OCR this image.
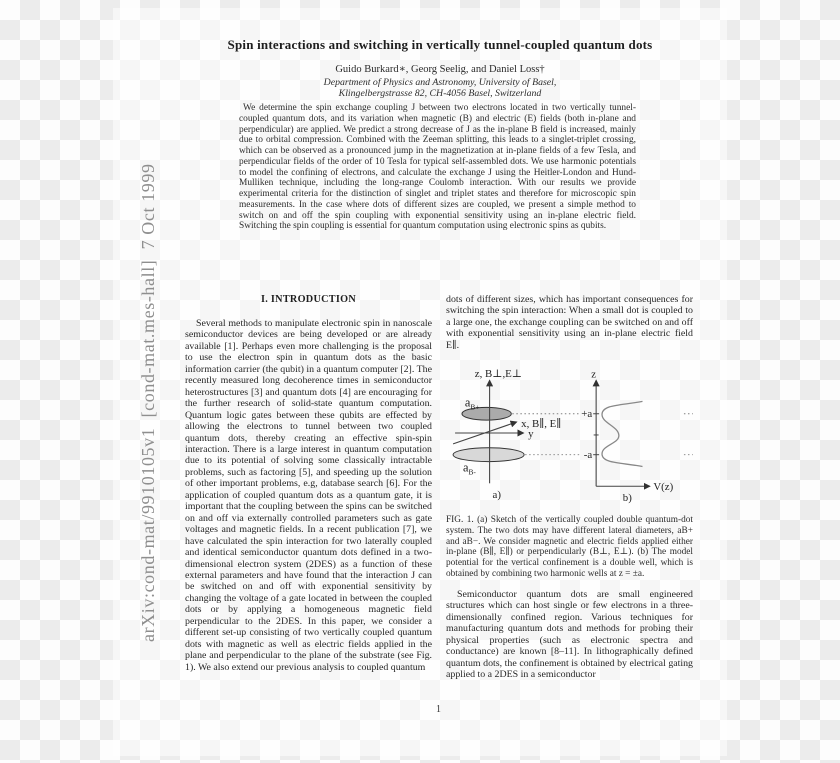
arXiv:cond-mat/9910105v1  [cond-mat.mes-hall]  7 Oct 1999
Spin interactions and switching in vertically tunnel-coupled quantum dots
Guido Burkard∗, Georg Seelig, and Daniel Loss†
Department of Physics and Astronomy, University of Basel,
Klingelbergstrasse 82, CH-4056 Basel, Switzerland
We determine the spin exchange coupling J between two electrons located in two vertically tunnel-coupled quantum dots, and its variation when magnetic (B) and electric (E) fields (both in-plane and perpendicular) are applied. We predict a strong decrease of J as the in-plane B field is increased, mainly due to orbital compression. Combined with the Zeeman splitting, this leads to a singlet-triplet crossing, which can be observed as a pronounced jump in the magnetization at in-plane fields of a few Tesla, and perpendicular fields of the order of 10 Tesla for typical self-assembled dots. We use harmonic potentials to model the confining of electrons, and calculate the exchange J using the Heitler-London and Hund-Mulliken technique, including the long-range Coulomb interaction. With our results we provide experimental criteria for the distinction of singlet and triplet states and therefore for microscopic spin measurements. In the case where dots of different sizes are coupled, we present a simple method to switch on and off the spin coupling with exponential sensitivity using an in-plane electric field. Switching the spin coupling is essential for quantum computation using electronic spins as qubits.
I. INTRODUCTION

Several methods to manipulate electronic spin in nanoscale semiconductor devices are being developed or are already available [1]. Perhaps even more challenging is the proposal to use the electron spin in quantum dots as the basic information carrier (the qubit) in a quantum computer [2]. The recently measured long decoherence times in semiconductor heterostructures [3] and quantum dots [4] are encouraging for the further research of solid-state quantum computation. Quantum logic gates between these qubits are effected by allowing the electrons to tunnel between two coupled quantum dots, thereby creating an effective spin-spin interaction. There is a large interest in quantum computation due to its potential of solving some classically intractable problems, such as factoring [5], and speeding up the solution of other important problems, e.g, database search [6]. For the application of coupled quantum dots as a quantum gate, it is important that the coupling between the spins can be switched on and off via externally controlled parameters such as gate voltages and magnetic fields. In a recent publication [7], we have calculated the spin interaction for two laterally coupled and identical semiconductor quantum dots defined in a two-dimensional electron system (2DES) as a function of these external parameters and have found that the interaction J can be switched on and off with exponential sensitivity by changing the voltage of a gate located in between the coupled dots or by applying a homogeneous magnetic field perpendicular to the 2DES. In this paper, we consider a different set-up consisting of two vertically coupled quantum dots with magnetic as well as electric fields applied in the plane and perpendicular to the plane of the substrate (see Fig. 1). We also extend our previous analysis to coupled quantum

dots of different sizes, which has important consequences for switching the spin interaction: When a small dot is coupled to a large one, the exchange coupling can be switched on and off with exponential sensitivity using an in-plane electric field E∥.

z, B⊥,E⊥
x, B∥, E∥
y
$a_{B+}$
$a_{B-}$
a)
z
+a
-a
V(z)
b)

FIG. 1. (a) Sketch of the vertically coupled double quantum-dot system. The two dots may have different lateral diameters, aB+ and aB−. We consider magnetic and electric fields applied either in-plane (B∥, E∥) or perpendicularly (B⊥, E⊥). (b) The model potential for the vertical confinement is a double well, which is obtained by combining two harmonic wells at z = ±a.

Semiconductor quantum dots are small engineered structures which can host single or few electrons in a three-dimensionally confined region. Various techniques for manufacturing quantum dots and methods for probing their physical properties (such as electronic spectra and conductance) are known [8–11]. In lithographically defined quantum dots, the confinement is obtained by electrical gating applied to a 2DES in a semiconductor

1
